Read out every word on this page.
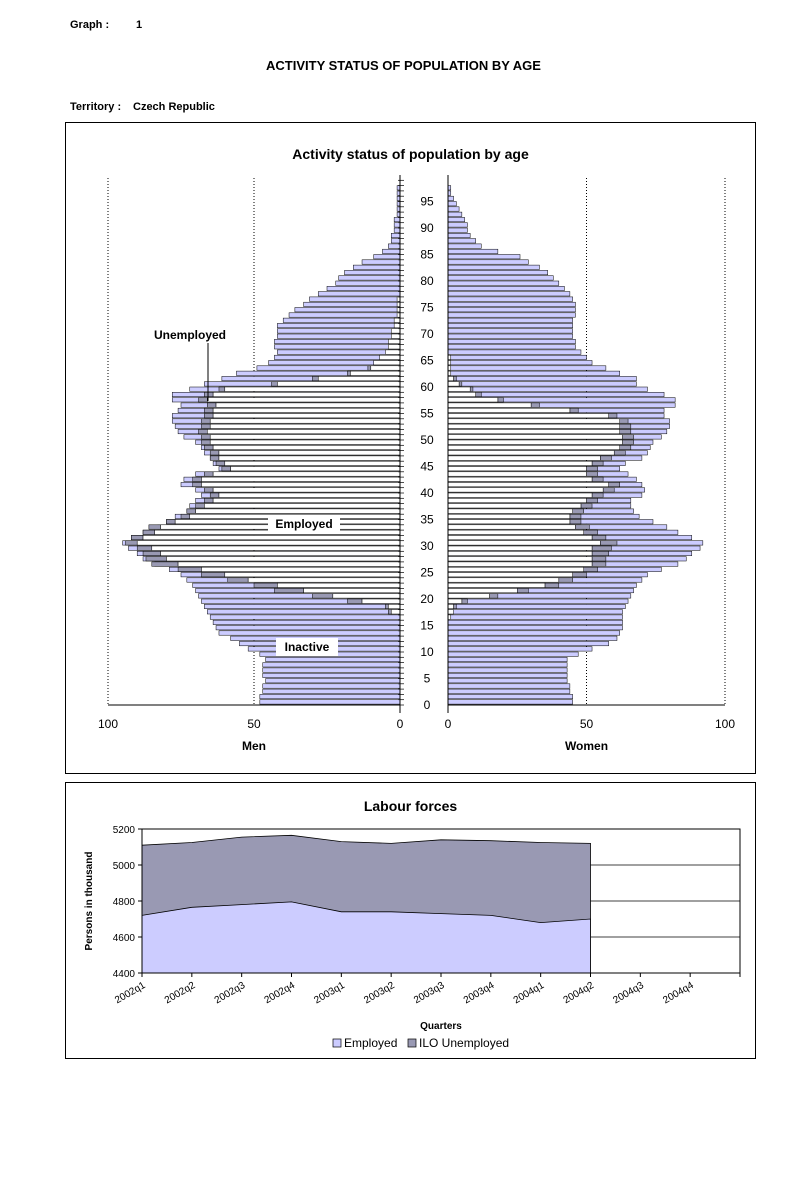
Graph : 1
ACTIVITY STATUS OF POPULATION BY AGE
Territory : Czech Republic
Activity status of population by age
0
5
10
15
20
25
30
35
40
45
50
55
60
65
70
75
80
85
90
95
100	50	0	0	50	100
Men	Women
Unemployed
Employed
Inactive
Labour forces
4400
4600
4800
5000
5200
2002q1 2002q2 2002q3 2002q4 2003q1 2003q2 2003q3 2003q4 2004q1 2004q2 2004q3 2004q4
Quarters
Persons in thousand
Employed ILO Unemployed
